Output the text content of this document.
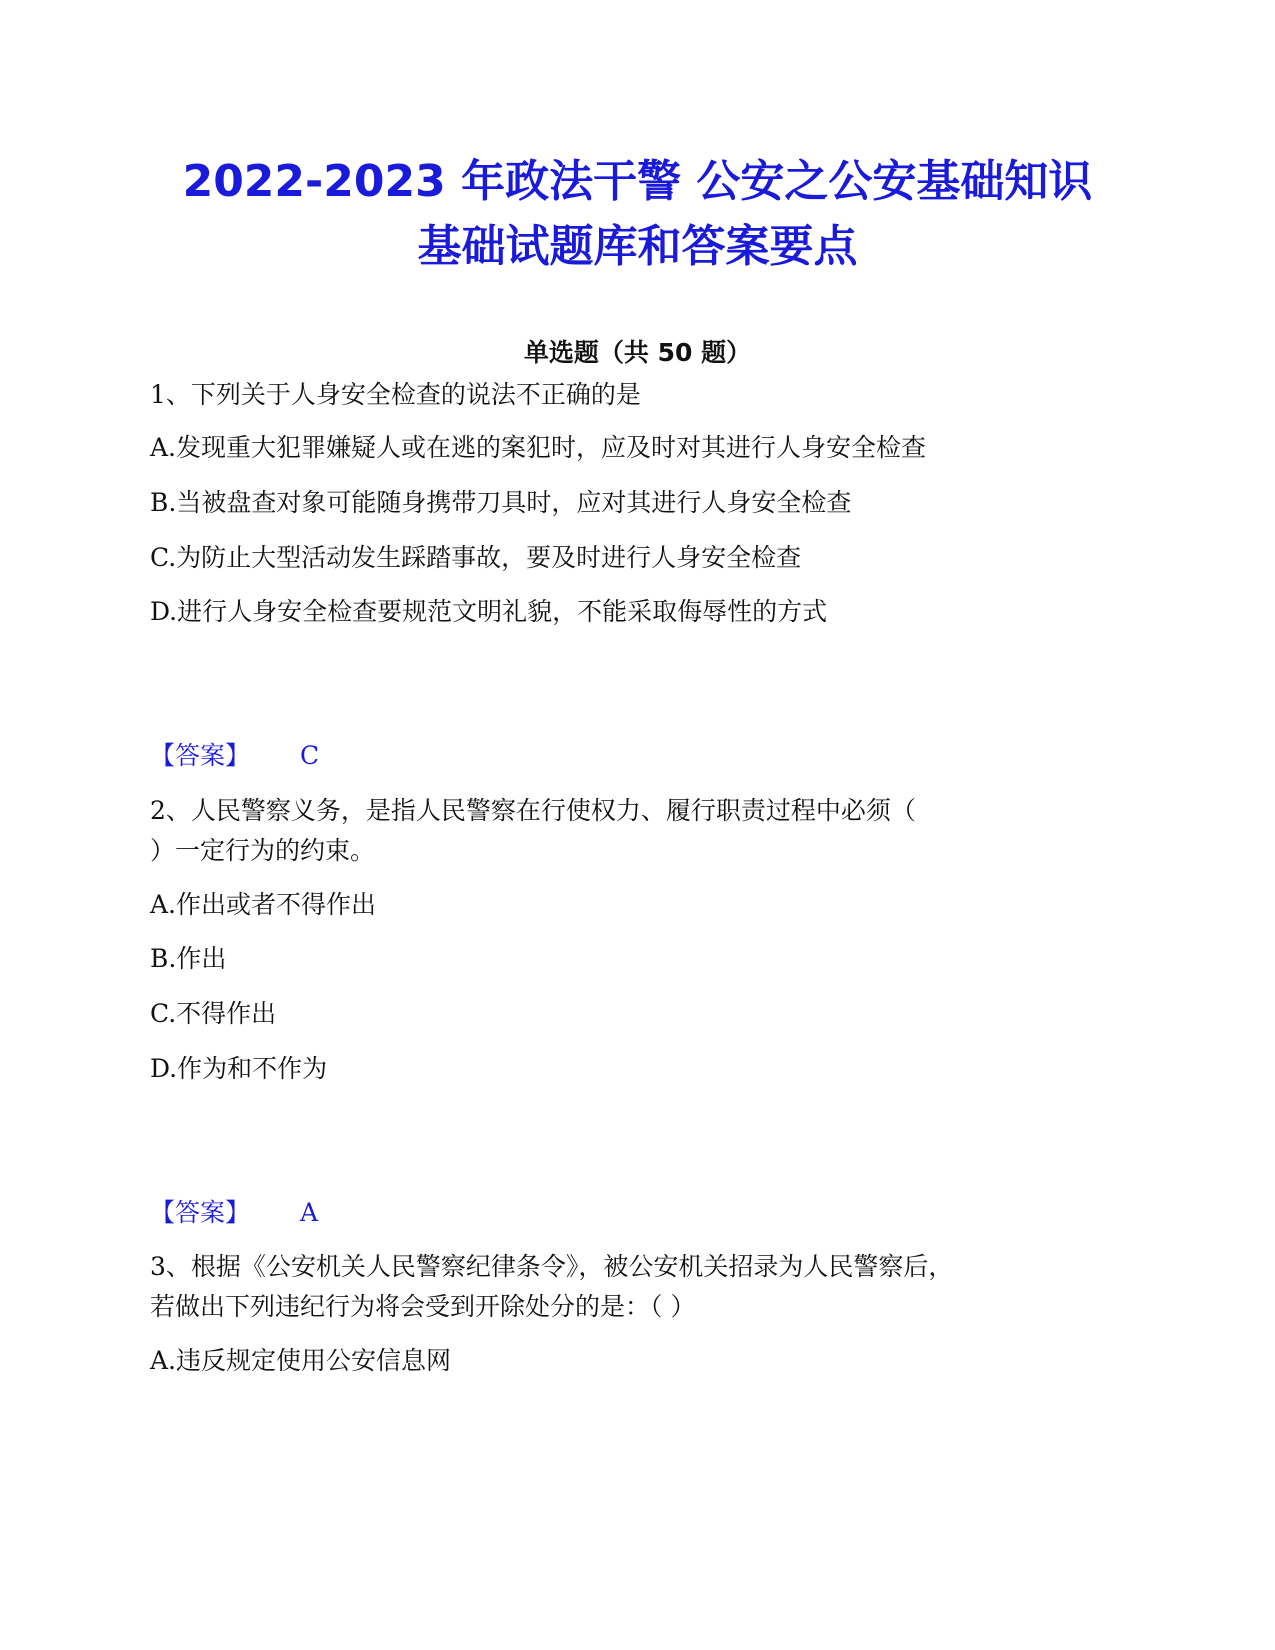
2022-2023 年政法干警 公安之公安基础知识
基础试题库和答案要点
单选题（共 50 题）
1、下列关于人身安全检查的说法不正确的是
A.发现重大犯罪嫌疑人或在逃的案犯时，应及时对其进行人身安全检查
B.当被盘查对象可能随身携带刀具时，应对其进行人身安全检查
C.为防止大型活动发生踩踏事故，要及时进行人身安全检查
D.进行人身安全检查要规范文明礼貌，不能采取侮辱性的方式
【答案】 C
2、人民警察义务，是指人民警察在行使权力、履行职责过程中必须（
）一定行为的约束。
A.作出或者不得作出
B.作出
C.不得作出
D.作为和不作为
【答案】 A
3、根据《公安机关人民警察纪律条令》，被公安机关招录为人民警察后，
若做出下列违纪行为将会受到开除处分的是：（ ）
A.违反规定使用公安信息网
